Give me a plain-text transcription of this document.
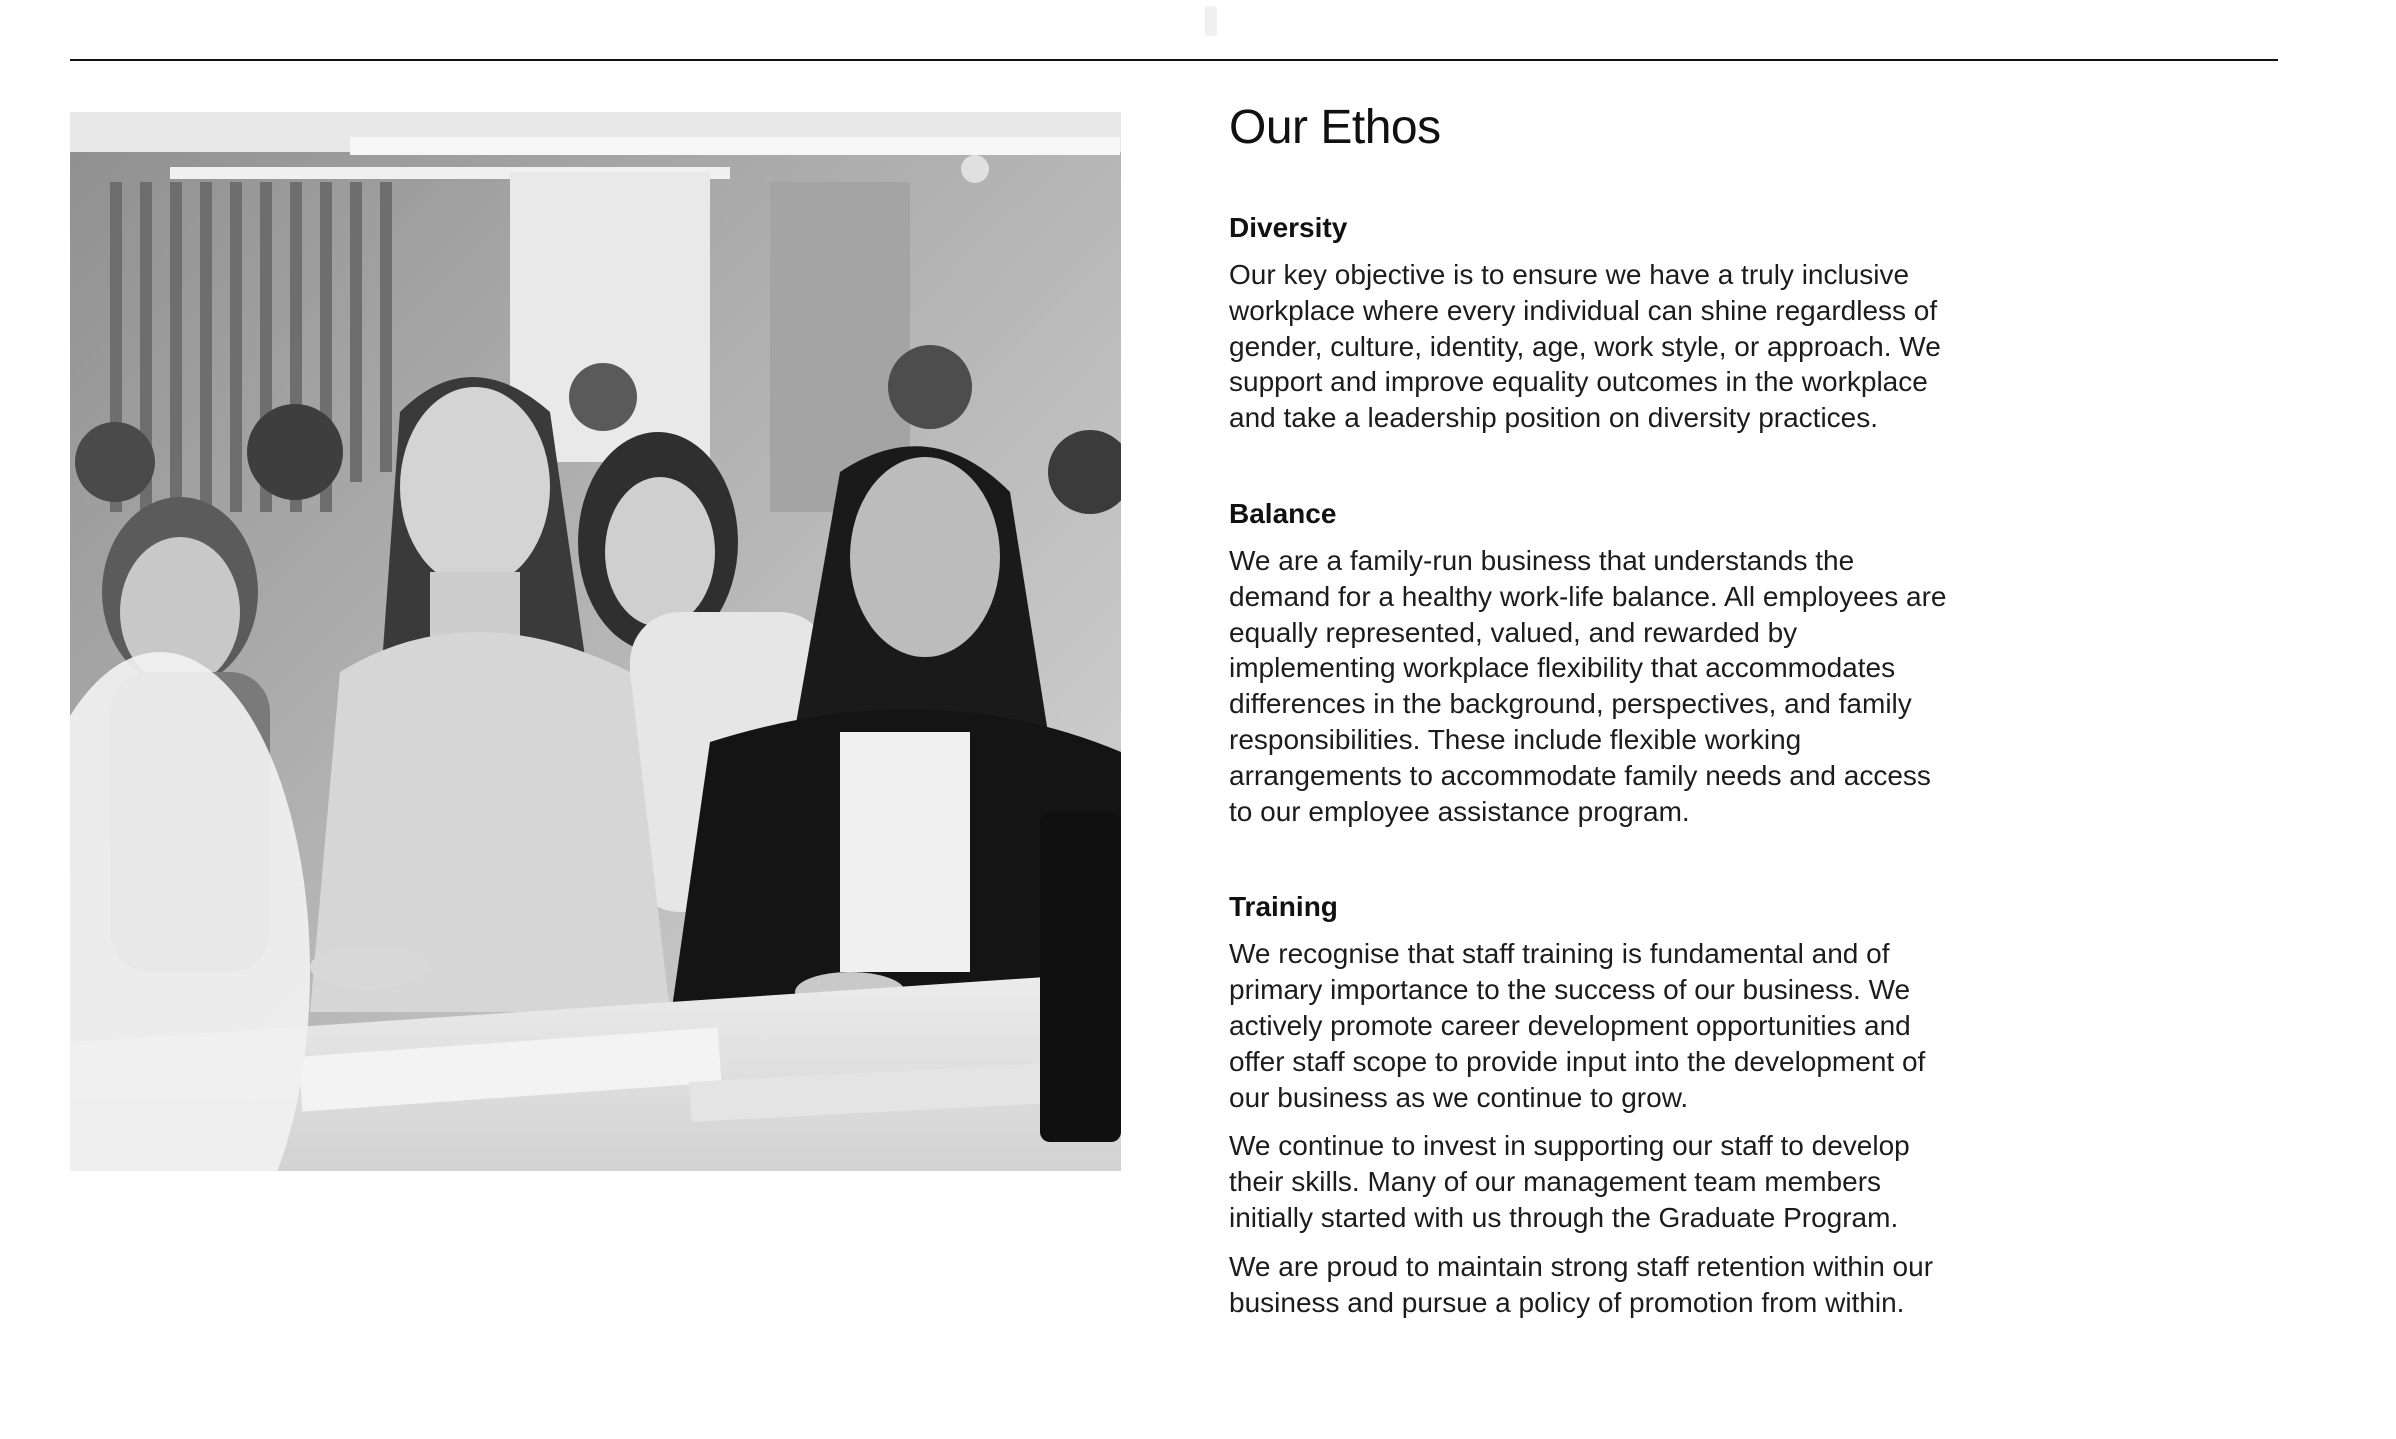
Our Ethos
Diversity

Our key objective is to ensure we have a truly inclusive workplace where every individual can shine regardless of gender, culture, identity, age, work style, or approach. We support and improve equality outcomes in the workplace and take a leadership position on diversity practices.

Balance

We are a family-run business that understands the demand for a healthy work-life balance. All employees are equally represented, valued, and rewarded by implementing workplace flexibility that accommodates differences in the background, perspectives, and family responsibilities. These include flexible working arrangements to accommodate family needs and access to our employee assistance program.

Training

We recognise that staff training is fundamental and of primary importance to the success of our business. We actively promote career development opportunities and offer staff scope to provide input into the development of our business as we continue to grow.

We continue to invest in supporting our staff to develop their skills. Many of our management team members initially started with us through the Graduate Program.

We are proud to maintain strong staff retention within our business and pursue a policy of promotion from within.
